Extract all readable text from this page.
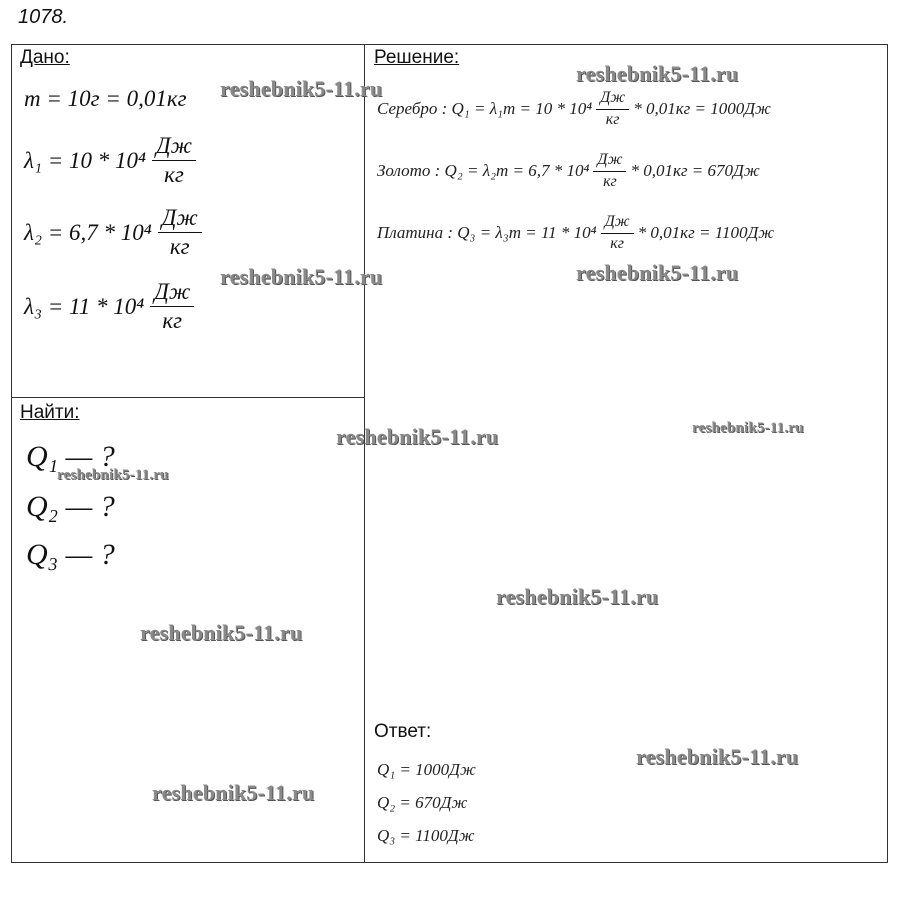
1078.
Дано:
m = 10г = 0,01кг
$\lambda_1 = 10 * 10^4 \frac{Дж}{кг}$
$\lambda_2 = 6,7 * 10^4 \frac{Дж}{кг}$
$\lambda_3 = 11 * 10^4 \frac{Дж}{кг}$
Найти:
Q₁ — ?
Q₂ — ?
Q₃ — ?
Решение:
Серебро : $Q_1 = \lambda_1m = 10 * 10^4 \frac{Дж}{кг} * 0,01кг = 1000Дж$
Золото : $Q_2 = \lambda_2m = 6,7 * 10^4 \frac{Дж}{кг} * 0,01кг = 670Дж$
Платина : $Q_3 = \lambda_3m = 11 * 10^4 \frac{Дж}{кг} * 0,01кг = 1100Дж$
Ответ:
Q₁ = 1000Дж
Q₂ = 670Дж
Q₃ = 1100Дж
reshebnik5-11.ru
reshebnik5-11.ru
reshebnik5-11.ru	reshebnik5-11.ru
reshebnik5-11.ru	reshebnik5-11.ru
reshebnik5-11.ru
reshebnik5-11.ru
reshebnik5-11.ru
reshebnik5-11.ru
reshebnik5-11.ru
